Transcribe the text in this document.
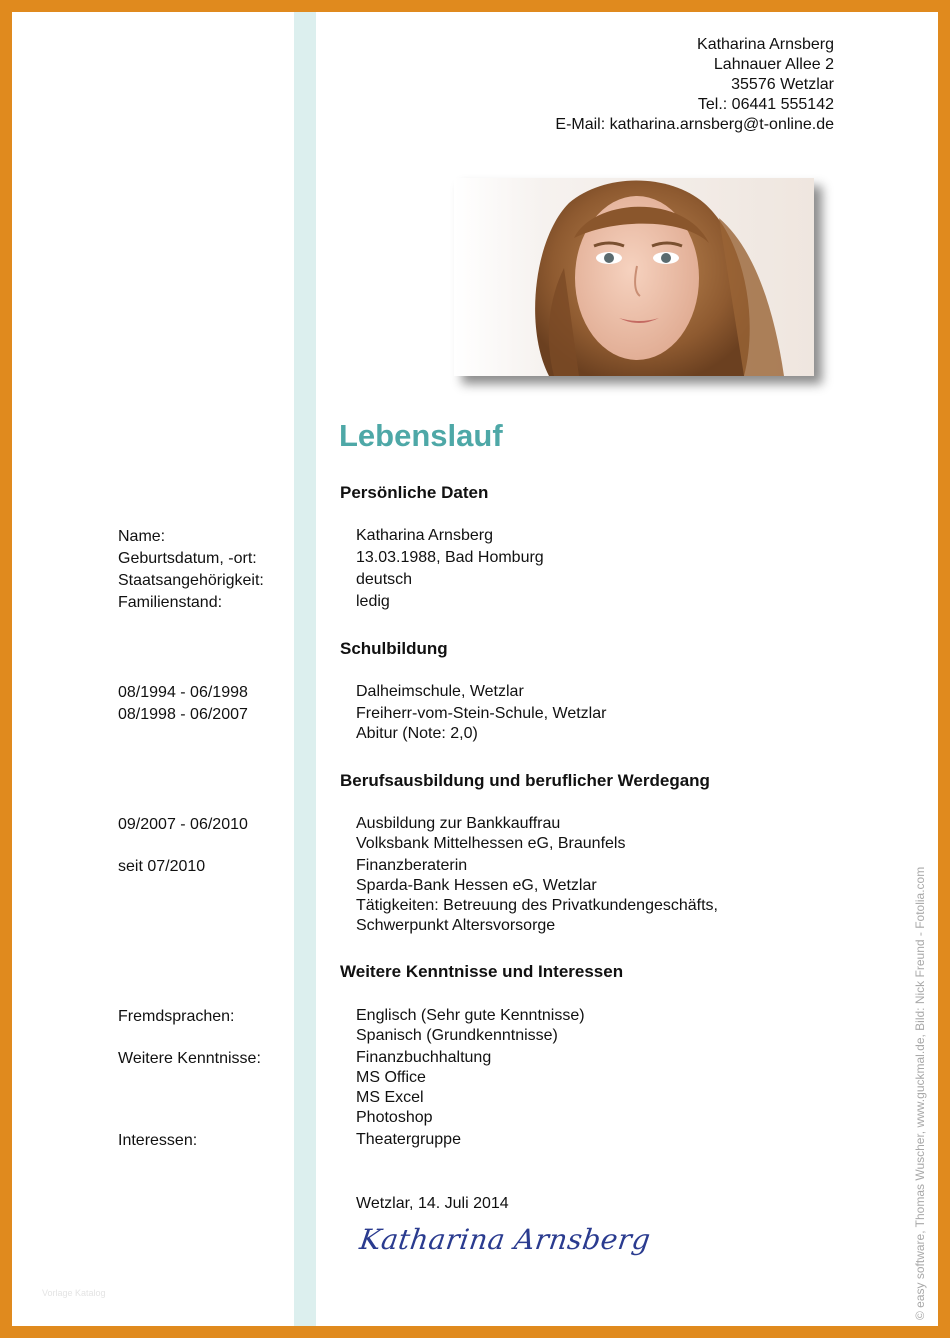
Katharina Arnsberg
Lahnauer Allee 2
35576 Wetzlar
Tel.: 06441 555142
E-Mail: katharina.arnsberg@t-online.de
Lebenslauf
Persönliche Daten
Name:	Katharina Arnsberg
Geburtsdatum, -ort:	13.03.1988, Bad Homburg
Staatsangehörigkeit:	deutsch
Familienstand:	ledig
Schulbildung
08/1994 - 06/1998	Dalheimschule, Wetzlar
08/1998 - 06/2007	Freiherr-vom-Stein-Schule, Wetzlar
Abitur (Note: 2,0)
Berufsausbildung und beruflicher Werdegang
09/2007 - 06/2010	Ausbildung zur Bankkauffrau
Volksbank Mittelhessen eG, Braunfels
seit 07/2010	Finanzberaterin
Sparda-Bank Hessen eG, Wetzlar
Tätigkeiten: Betreuung des Privatkundengeschäfts,
Schwerpunkt Altersvorsorge
Weitere Kenntnisse und Interessen
Fremdsprachen:	Englisch (Sehr gute Kenntnisse)
Spanisch (Grundkenntnisse)
Weitere Kenntnisse:	Finanzbuchhaltung
MS Office
MS Excel
Photoshop
Interessen:	Theatergruppe
Wetzlar, 14. Juli 2014
Katharina Arnsberg	© easy software, Thomas Wuscher, www.guckmal.de, Bild: Nick Freund - Fotolia.com
Vorlage Katalog
